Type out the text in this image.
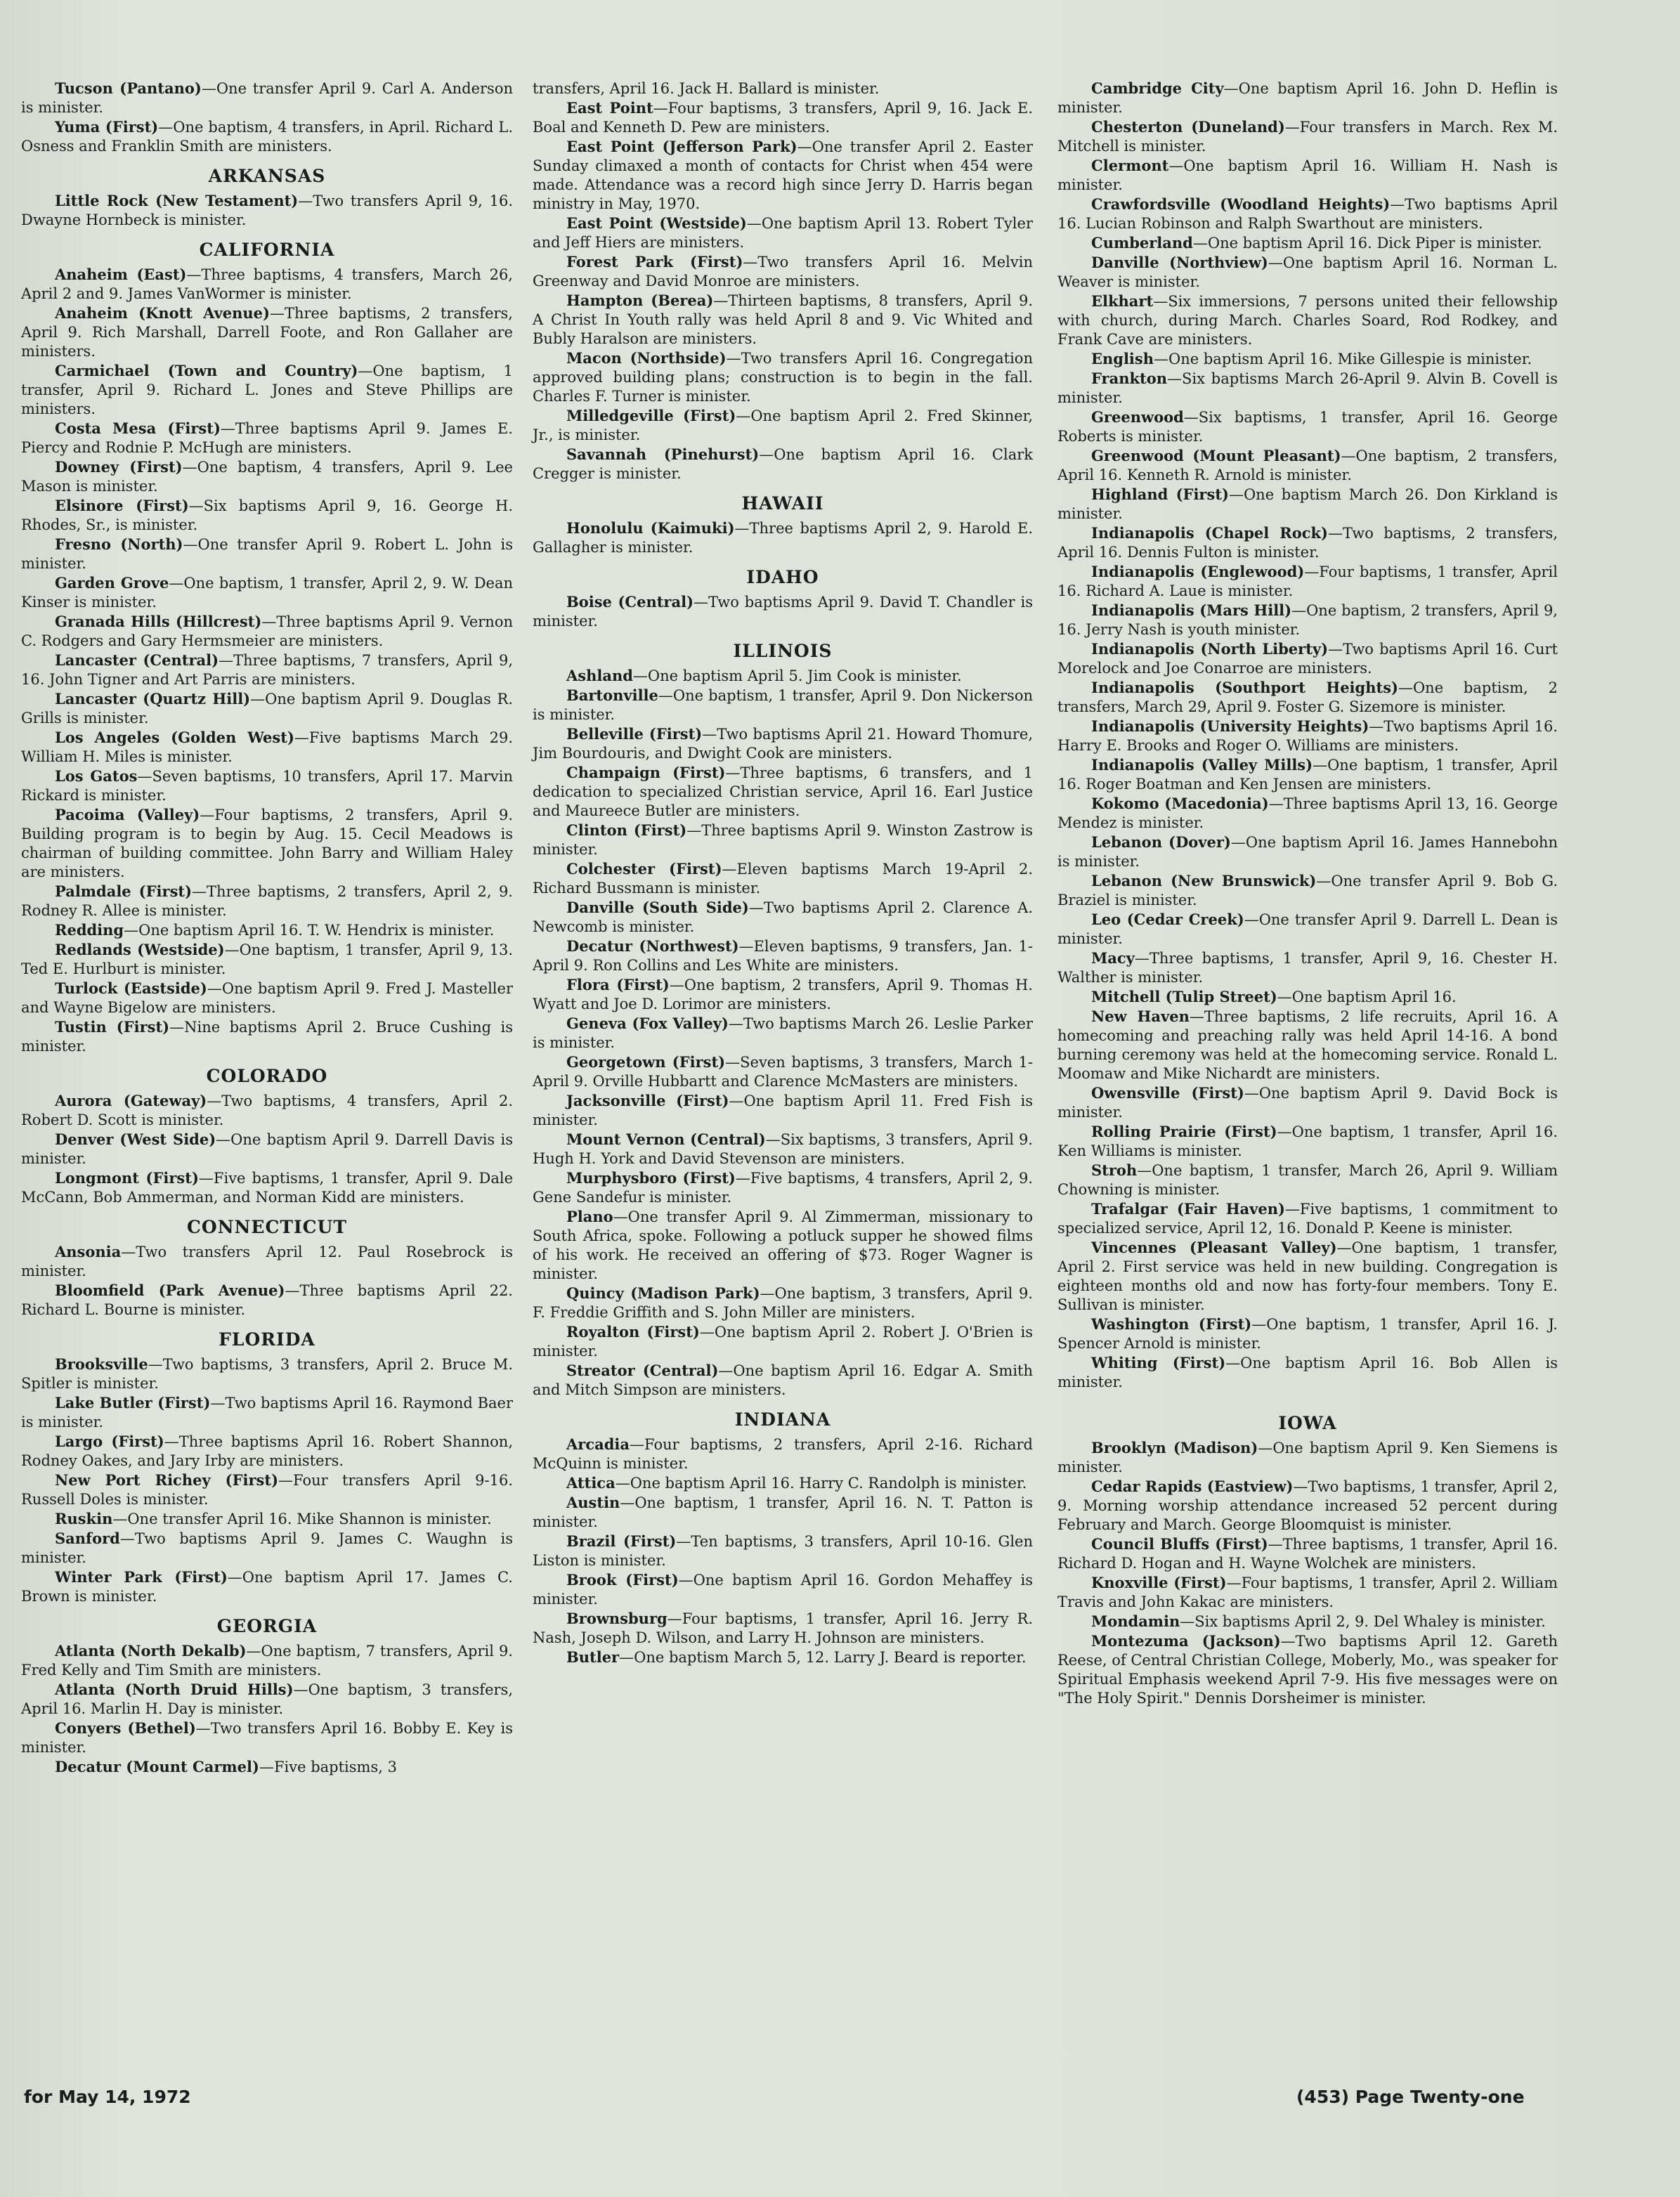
Tucson (Pantano)—One transfer April 9. Carl A. Anderson is minister.

Yuma (First)—One baptism, 4 transfers, in April. Richard L. Osness and Franklin Smith are ministers.

ARKANSAS

Little Rock (New Testament)—Two transfers April 9, 16. Dwayne Hornbeck is minister.

CALIFORNIA

Anaheim (East)—Three baptisms, 4 transfers, March 26, April 2 and 9. James VanWormer is minister.

Anaheim (Knott Avenue)—Three baptisms, 2 transfers, April 9. Rich Marshall, Darrell Foote, and Ron Gallaher are ministers.

Carmichael (Town and Country)—One baptism, 1 transfer, April 9. Richard L. Jones and Steve Phillips are ministers.

Costa Mesa (First)—Three baptisms April 9. James E. Piercy and Rodnie P. McHugh are ministers.

Downey (First)—One baptism, 4 transfers, April 9. Lee Mason is minister.

Elsinore (First)—Six baptisms April 9, 16. George H. Rhodes, Sr., is minister.

Fresno (North)—One transfer April 9. Robert L. John is minister.

Garden Grove—One baptism, 1 transfer, April 2, 9. W. Dean Kinser is minister.

Granada Hills (Hillcrest)—Three baptisms April 9. Vernon C. Rodgers and Gary Hermsmeier are ministers.

Lancaster (Central)—Three baptisms, 7 transfers, April 9, 16. John Tigner and Art Parris are ministers.

Lancaster (Quartz Hill)—One baptism April 9. Douglas R. Grills is minister.

Los Angeles (Golden West)—Five baptisms March 29. William H. Miles is minister.

Los Gatos—Seven baptisms, 10 transfers, April 17. Marvin Rickard is minister.

Pacoima (Valley)—Four baptisms, 2 transfers, April 9. Building program is to begin by Aug. 15. Cecil Meadows is chairman of building committee. John Barry and William Haley are ministers.

Palmdale (First)—Three baptisms, 2 transfers, April 2, 9. Rodney R. Allee is minister.

Redding—One baptism April 16. T. W. Hendrix is minister.

Redlands (Westside)—One baptism, 1 transfer, April 9, 13. Ted E. Hurlburt is minister.

Turlock (Eastside)—One baptism April 9. Fred J. Masteller and Wayne Bigelow are ministers.

Tustin (First)—Nine baptisms April 2. Bruce Cushing is minister.

COLORADO

Aurora (Gateway)—Two baptisms, 4 transfers, April 2. Robert D. Scott is minister.

Denver (West Side)—One baptism April 9. Darrell Davis is minister.

Longmont (First)—Five baptisms, 1 transfer, April 9. Dale McCann, Bob Ammerman, and Norman Kidd are ministers.

CONNECTICUT

Ansonia—Two transfers April 12. Paul Rosebrock is minister.

Bloomfield (Park Avenue)—Three baptisms April 22. Richard L. Bourne is minister.

FLORIDA

Brooksville—Two baptisms, 3 transfers, April 2. Bruce M. Spitler is minister.

Lake Butler (First)—Two baptisms April 16. Raymond Baer is minister.

Largo (First)—Three baptisms April 16. Robert Shannon, Rodney Oakes, and Jary Irby are ministers.

New Port Richey (First)—Four transfers April 9-16. Russell Doles is minister.

Ruskin—One transfer April 16. Mike Shannon is minister.

Sanford—Two baptisms April 9. James C. Waughn is minister.

Winter Park (First)—One baptism April 17. James C. Brown is minister.

GEORGIA

Atlanta (North Dekalb)—One baptism, 7 transfers, April 9. Fred Kelly and Tim Smith are ministers.

Atlanta (North Druid Hills)—One baptism, 3 transfers, April 16. Marlin H. Day is minister.

Conyers (Bethel)—Two transfers April 16. Bobby E. Key is minister.

Decatur (Mount Carmel)—Five baptisms, 3

transfers, April 16. Jack H. Ballard is minister.

East Point—Four baptisms, 3 transfers, April 9, 16. Jack E. Boal and Kenneth D. Pew are ministers.

East Point (Jefferson Park)—One transfer April 2. Easter Sunday climaxed a month of contacts for Christ when 454 were made. Attendance was a record high since Jerry D. Harris began ministry in May, 1970.

East Point (Westside)—One baptism April 13. Robert Tyler and Jeff Hiers are ministers.

Forest Park (First)—Two transfers April 16. Melvin Greenway and David Monroe are ministers.

Hampton (Berea)—Thirteen baptisms, 8 transfers, April 9. A Christ In Youth rally was held April 8 and 9. Vic Whited and Bubly Haralson are ministers.

Macon (Northside)—Two transfers April 16. Congregation approved building plans; construction is to begin in the fall. Charles F. Turner is minister.

Milledgeville (First)—One baptism April 2. Fred Skinner, Jr., is minister.

Savannah (Pinehurst)—One baptism April 16. Clark Cregger is minister.

HAWAII

Honolulu (Kaimuki)—Three baptisms April 2, 9. Harold E. Gallagher is minister.

IDAHO

Boise (Central)—Two baptisms April 9. David T. Chandler is minister.

ILLINOIS

Ashland—One baptism April 5. Jim Cook is minister.

Bartonville—One baptism, 1 transfer, April 9. Don Nickerson is minister.

Belleville (First)—Two baptisms April 21. Howard Thomure, Jim Bourdouris, and Dwight Cook are ministers.

Champaign (First)—Three baptisms, 6 transfers, and 1 dedication to specialized Christian service, April 16. Earl Justice and Maureece Butler are ministers.

Clinton (First)—Three baptisms April 9. Winston Zastrow is minister.

Colchester (First)—Eleven baptisms March 19-April 2. Richard Bussmann is minister.

Danville (South Side)—Two baptisms April 2. Clarence A. Newcomb is minister.

Decatur (Northwest)—Eleven baptisms, 9 transfers, Jan. 1-April 9. Ron Collins and Les White are ministers.

Flora (First)—One baptism, 2 transfers, April 9. Thomas H. Wyatt and Joe D. Lorimor are ministers.

Geneva (Fox Valley)—Two baptisms March 26. Leslie Parker is minister.

Georgetown (First)—Seven baptisms, 3 transfers, March 1-April 9. Orville Hubbartt and Clarence McMasters are ministers.

Jacksonville (First)—One baptism April 11. Fred Fish is minister.

Mount Vernon (Central)—Six baptisms, 3 transfers, April 9. Hugh H. York and David Stevenson are ministers.

Murphysboro (First)—Five baptisms, 4 transfers, April 2, 9. Gene Sandefur is minister.

Plano—One transfer April 9. Al Zimmerman, missionary to South Africa, spoke. Following a potluck supper he showed films of his work. He received an offering of $73. Roger Wagner is minister.

Quincy (Madison Park)—One baptism, 3 transfers, April 9. F. Freddie Griffith and S. John Miller are ministers.

Royalton (First)—One baptism April 2. Robert J. O'Brien is minister.

Streator (Central)—One baptism April 16. Edgar A. Smith and Mitch Simpson are ministers.

INDIANA

Arcadia—Four baptisms, 2 transfers, April 2-16. Richard McQuinn is minister.

Attica—One baptism April 16. Harry C. Randolph is minister.

Austin—One baptism, 1 transfer, April 16. N. T. Patton is minister.

Brazil (First)—Ten baptisms, 3 transfers, April 10-16. Glen Liston is minister.

Brook (First)—One baptism April 16. Gordon Mehaffey is minister.

Brownsburg—Four baptisms, 1 transfer, April 16. Jerry R. Nash, Joseph D. Wilson, and Larry H. Johnson are ministers.

Butler—One baptism March 5, 12. Larry J. Beard is reporter.

Cambridge City—One baptism April 16. John D. Heflin is minister.

Chesterton (Duneland)—Four transfers in March. Rex M. Mitchell is minister.

Clermont—One baptism April 16. William H. Nash is minister.

Crawfordsville (Woodland Heights)—Two baptisms April 16. Lucian Robinson and Ralph Swarthout are ministers.

Cumberland—One baptism April 16. Dick Piper is minister.

Danville (Northview)—One baptism April 16. Norman L. Weaver is minister.

Elkhart—Six immersions, 7 persons united their fellowship with church, during March. Charles Soard, Rod Rodkey, and Frank Cave are ministers.

English—One baptism April 16. Mike Gillespie is minister.

Frankton—Six baptisms March 26-April 9. Alvin B. Covell is minister.

Greenwood—Six baptisms, 1 transfer, April 16. George Roberts is minister.

Greenwood (Mount Pleasant)—One baptism, 2 transfers, April 16. Kenneth R. Arnold is minister.

Highland (First)—One baptism March 26. Don Kirkland is minister.

Indianapolis (Chapel Rock)—Two baptisms, 2 transfers, April 16. Dennis Fulton is minister.

Indianapolis (Englewood)—Four baptisms, 1 transfer, April 16. Richard A. Laue is minister.

Indianapolis (Mars Hill)—One baptism, 2 transfers, April 9, 16. Jerry Nash is youth minister.

Indianapolis (North Liberty)—Two baptisms April 16. Curt Morelock and Joe Conarroe are ministers.

Indianapolis (Southport Heights)—One baptism, 2 transfers, March 29, April 9. Foster G. Sizemore is minister.

Indianapolis (University Heights)—Two baptisms April 16. Harry E. Brooks and Roger O. Williams are ministers.

Indianapolis (Valley Mills)—One baptism, 1 transfer, April 16. Roger Boatman and Ken Jensen are ministers.

Kokomo (Macedonia)—Three baptisms April 13, 16. George Mendez is minister.

Lebanon (Dover)—One baptism April 16. James Hannebohn is minister.

Lebanon (New Brunswick)—One transfer April 9. Bob G. Braziel is minister.

Leo (Cedar Creek)—One transfer April 9. Darrell L. Dean is minister.

Macy—Three baptisms, 1 transfer, April 9, 16. Chester H. Walther is minister.

Mitchell (Tulip Street)—One baptism April 16.

New Haven—Three baptisms, 2 life recruits, April 16. A homecoming and preaching rally was held April 14-16. A bond burning ceremony was held at the homecoming service. Ronald L. Moomaw and Mike Nichardt are ministers.

Owensville (First)—One baptism April 9. David Bock is minister.

Rolling Prairie (First)—One baptism, 1 transfer, April 16. Ken Williams is minister.

Stroh—One baptism, 1 transfer, March 26, April 9. William Chowning is minister.

Trafalgar (Fair Haven)—Five baptisms, 1 commitment to specialized service, April 12, 16. Donald P. Keene is minister.

Vincennes (Pleasant Valley)—One baptism, 1 transfer, April 2. First service was held in new building. Congregation is eighteen months old and now has forty-four members. Tony E. Sullivan is minister.

Washington (First)—One baptism, 1 transfer, April 16. J. Spencer Arnold is minister.

Whiting (First)—One baptism April 16. Bob Allen is minister.

IOWA

Brooklyn (Madison)—One baptism April 9. Ken Siemens is minister.

Cedar Rapids (Eastview)—Two baptisms, 1 transfer, April 2, 9. Morning worship attendance increased 52 percent during February and March. George Bloomquist is minister.

Council Bluffs (First)—Three baptisms, 1 transfer, April 16. Richard D. Hogan and H. Wayne Wolchek are ministers.

Knoxville (First)—Four baptisms, 1 transfer, April 2. William Travis and John Kakac are ministers.

Mondamin—Six baptisms April 2, 9. Del Whaley is minister.

Montezuma (Jackson)—Two baptisms April 12. Gareth Reese, of Central Christian College, Moberly, Mo., was speaker for Spiritual Emphasis weekend April 7-9. His five messages were on "The Holy Spirit." Dennis Dorsheimer is minister.

for May 14, 1972	(453) Page Twenty-one
